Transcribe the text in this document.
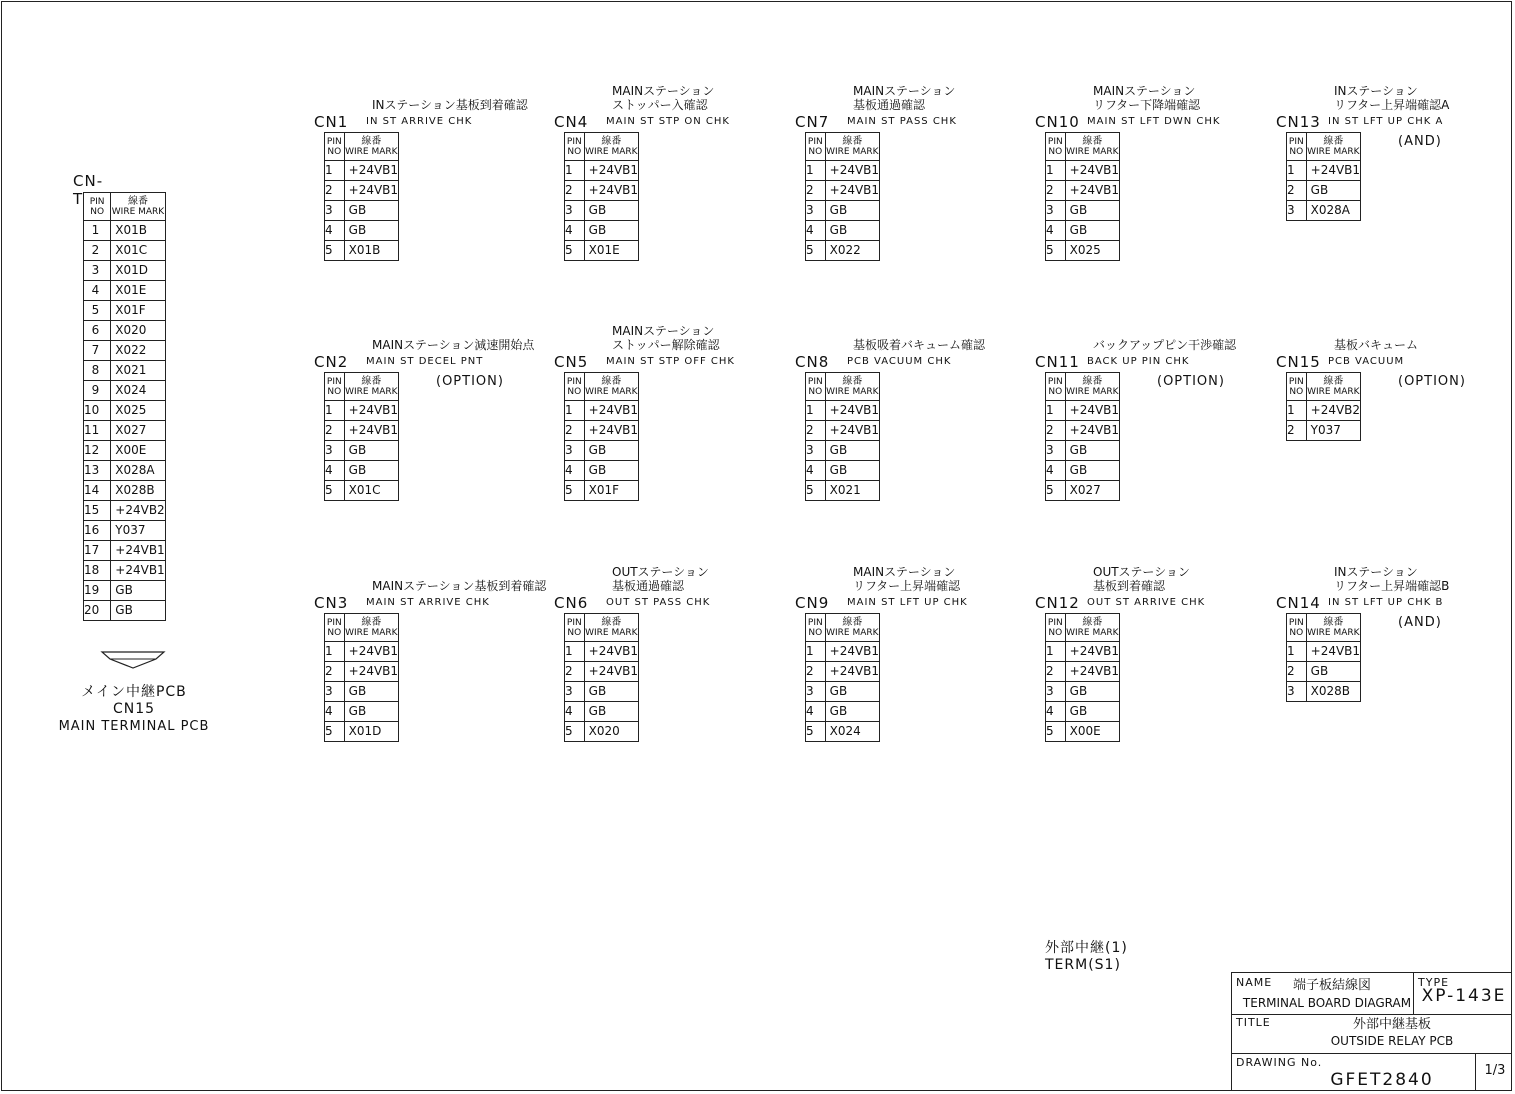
CN-T PIN NO	線番
WIRE MARK
1	X01B
2	X01C
3	X01D
4	X01E
5	X01F
6	X020
7	X022
8	X021
9	X024
10	X025
11	X027
12	X00E
13	X028A
14	X028B
15	+24VB2
16	Y037
17	+24VB1
18	+24VB1
19	GB
20	GB
メイン中継PCB
CN15
MAIN TERMINAL PCB
INステーション基板到着確認
CN1 IN ST ARRIVE CHK
PIN NO	線番
WIRE MARK
1	+24VB1
2	+24VB1
3	GB
4	GB
5	X01B
MAINステーション
ストッパー入確認
CN4 MAIN ST STP ON CHK
PIN NO	線番
WIRE MARK
1	+24VB1
2	+24VB1
3	GB
4	GB
5	X01E
MAINステーション
基板通過確認
CN7 MAIN ST PASS CHK
PIN NO	線番
WIRE MARK
1	+24VB1
2	+24VB1
3	GB
4	GB
5	X022
MAINステーション
リフター下降端確認
CN10 MAIN ST LFT DWN CHK
PIN NO	線番
WIRE MARK
1	+24VB1
2	+24VB1
3	GB
4	GB
5	X025
INステーション
リフター上昇端確認A
CN13 IN ST LFT UP CHK A
(AND)
PIN NO	線番
WIRE MARK
1	+24VB1
2	GB
3	X028A
MAINステーション減速開始点
CN2 MAIN ST DECEL PNT
(OPTION)
PIN NO	線番
WIRE MARK
1	+24VB1
2	+24VB1
3	GB
4	GB
5	X01C
MAINステーション
ストッパー解除確認
CN5 MAIN ST STP OFF CHK
PIN NO	線番
WIRE MARK
1	+24VB1
2	+24VB1
3	GB
4	GB
5	X01F
基板吸着バキューム確認
CN8 PCB VACUUM CHK
PIN NO	線番
WIRE MARK
1	+24VB1
2	+24VB1
3	GB
4	GB
5	X021
バックアップピン干渉確認
CN11 BACK UP PIN CHK
(OPTION)
PIN NO	線番
WIRE MARK
1	+24VB1
2	+24VB1
3	GB
4	GB
5	X027
基板バキューム
CN15 PCB VACUUM
(OPTION)
PIN NO	線番
WIRE MARK
1	+24VB2
2	Y037
MAINステーション基板到着確認
CN3 MAIN ST ARRIVE CHK
PIN NO	線番
WIRE MARK
1	+24VB1
2	+24VB1
3	GB
4	GB
5	X01D
OUTステーション
基板通過確認
CN6 OUT ST PASS CHK
PIN NO	線番
WIRE MARK
1	+24VB1
2	+24VB1
3	GB
4	GB
5	X020
MAINステーション
リフター上昇端確認
CN9 MAIN ST LFT UP CHK
PIN NO	線番
WIRE MARK
1	+24VB1
2	+24VB1
3	GB
4	GB
5	X024
OUTステーション
基板到着確認
CN12 OUT ST ARRIVE CHK
PIN NO	線番
WIRE MARK
1	+24VB1
2	+24VB1
3	GB
4	GB
5	X00E
INステーション
リフター上昇端確認B
CN14 IN ST LFT UP CHK B
(AND)
PIN NO	線番
WIRE MARK
1	+24VB1
2	GB
3	X028B
外部中継(1)
TERM(S1)
NAME	端子板結線図
TERMINAL BOARD DIAGRAM
TYPE
XP-143E
TITLE	外部中継基板
OUTSIDE RELAY PCB
DRAWING No.
GFET2840	1/3
